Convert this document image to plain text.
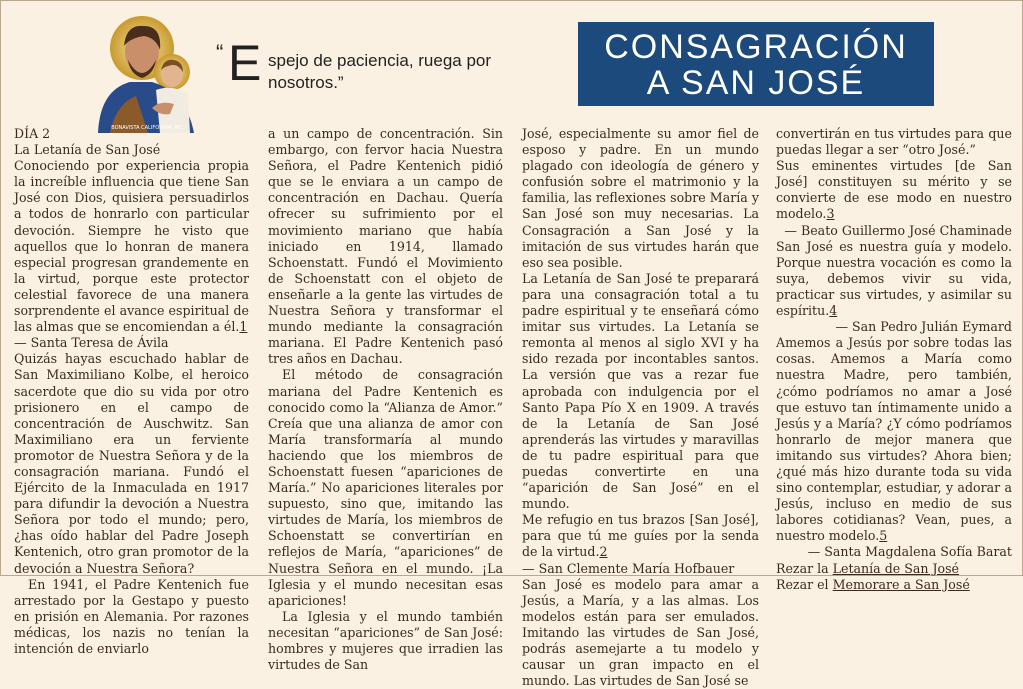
BONAVISTA CALIFORNIA, INC.
“ E spejo de paciencia, ruega por nosotros.”
CONSAGRACIÓN
A SAN JOSÉ

DÍA 2

La Letanía de San José

Conociendo por experiencia propia la increíble influencia que tiene San José con Dios, quisiera persuadirlos a todos de honrarlo con particular devoción. Siempre he visto que aquellos que lo honran de manera especial progresan grandemente en la virtud, porque este protector celestial favorece de una manera sorprendente el avance espiritual de las almas que se encomiendan a él.1

— Santa Teresa de Ávila

Quizás hayas escuchado hablar de San Maximiliano Kolbe, el heroico sacerdote que dio su vida por otro prisionero en el campo de concentración de Auschwitz. San Maximiliano era un ferviente promotor de Nuestra Señora y de la consagración mariana. Fundó el Ejército de la Inmaculada en 1917 para difundir la devoción a Nuestra Señora por todo el mundo; pero, ¿has oído hablar del Padre Joseph Kentenich, otro gran promotor de la devoción a Nuestra Señora?

En 1941, el Padre Kentenich fue arrestado por la Gestapo y puesto en prisión en Alemania. Por razones médicas, los nazis no tenían la intención de enviarlo

a un campo de concentración. Sin embargo, con fervor hacia Nuestra Señora, el Padre Kentenich pidió que se le enviara a un campo de concentración en Dachau. Quería ofrecer su sufrimiento por el movimiento mariano que había iniciado en 1914, llamado Schoenstatt. Fundó el Movimiento de Schoenstatt con el objeto de enseñarle a la gente las virtudes de Nuestra Señora y transformar el mundo mediante la consagración mariana. El Padre Kentenich pasó tres años en Dachau.

El método de consagración mariana del Padre Kentenich es conocido como la “Alianza de Amor.” Creía que una alianza de amor con María transformaría al mundo haciendo que los miembros de Schoenstatt fuesen “apariciones de María.” No apariciones literales por supuesto, sino que, imitando las virtudes de María, los miembros de Schoenstatt se convertirían en reflejos de María, “apariciones” de Nuestra Señora en el mundo. ¡La Iglesia y el mundo necesitan esas apariciones!

La Iglesia y el mundo también necesitan “apariciones” de San José: hombres y mujeres que irradien las virtudes de San

José, especialmente su amor fiel de esposo y padre. En un mundo plagado con ideología de género y confusión sobre el matrimonio y la familia, las reflexiones sobre María y San José son muy necesarias. La Consagración a San José y la imitación de sus virtudes harán que eso sea posible.

La Letanía de San José te preparará para una consagración total a tu padre espiritual y te enseñará cómo imitar sus virtudes. La Letanía se remonta al menos al siglo XVI y ha sido rezada por incontables santos. La versión que vas a rezar fue aprobada con indulgencia por el Santo Papa Pío X en 1909. A través de la Letanía de San José aprenderás las virtudes y maravillas de tu padre espiritual para que puedas convertirte en una “aparición de San José” en el mundo.

Me refugio en tus brazos [San José], para que tú me guíes por la senda de la virtud.2

— San Clemente María Hofbauer

San José es modelo para amar a Jesús, a María, y a las almas. Los modelos están para ser emulados. Imitando las virtudes de San José, podrás asemejarte a tu modelo y causar un gran impacto en el mundo. Las virtudes de San José se

convertirán en tus virtudes para que puedas llegar a ser “otro José.”

Sus eminentes virtudes [de San José] constituyen su mérito y se convierte de ese modo en nuestro modelo.3

— Beato Guillermo José Chaminade

San José es nuestra guía y modelo. Porque nuestra vocación es como la suya, debemos vivir su vida, practicar sus virtudes, y asimilar su espíritu.4

— San Pedro Julián Eymard

Amemos a Jesús por sobre todas las cosas. Amemos a María como nuestra Madre, pero también, ¿cómo podríamos no amar a José que estuvo tan íntimamente unido a Jesús y a María? ¿Y cómo podríamos honrarlo de mejor manera que imitando sus virtudes? Ahora bien; ¿qué más hizo durante toda su vida sino contemplar, estudiar, y adorar a Jesús, incluso en medio de sus labores cotidianas? Vean, pues, a nuestro modelo.5

— Santa Magdalena Sofía Barat

Rezar la Letanía de San José

Rezar el Memorare a San José
